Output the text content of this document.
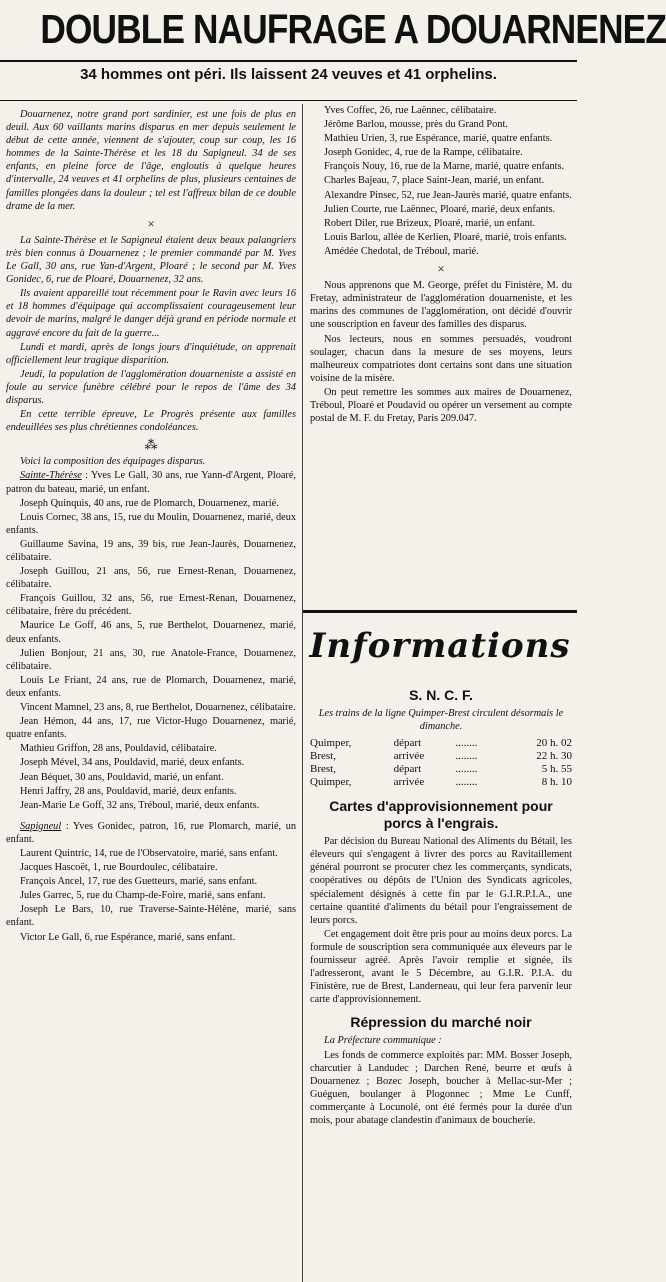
DOUBLE NAUFRAGE A DOUARNENEZ
34 hommes ont péri. Ils laissent 24 veuves et 41 orphelins.

Douarnenez, notre grand port sardinier, est une fois de plus en deuil. Aux 60 vaillants marins disparus en mer depuis seulement le début de cette année, viennent de s'ajouter, coup sur coup, les 16 hommes de la Sainte-Thérèse et les 18 du Sapigneul. 34 de ses enfants, en pleine force de l'âge, engloutis à quelque heures d'intervalle, 24 veuves et 41 orphelins de plus, plusieurs centaines de familles plongées dans la douleur ; tel est l'affreux bilan de ce double drame de la mer.

×

La Sainte-Thérèse et le Sapigneul étaient deux beaux palangriers très bien connus à Douarnenez ; le premier commandé par M. Yves Le Gall, 30 ans, rue Yan-d'Argent, Ploaré ; le second par M. Yves Gonidec, 6, rue de Ploaré, Douarnenez, 32 ans.

Ils avaient appareillé tout récemment pour le Ravin avec leurs 16 et 18 hommes d'équipage qui accomplissaient courageusement leur devoir de marins, malgré le danger déjà grand en période normale et aggravé encore du fait de la guerre...

Lundi et mardi, après de longs jours d'inquiétude, on apprenait officiellement leur tragique disparition.

Jeudi, la population de l'agglomération douarneniste a assisté en foule au service funèbre célébré pour le repos de l'âme des 34 disparus.

En cette terrible épreuve, Le Progrès présente aux familles endeuillées ses plus chrétiennes condoléances.

⁂

Voici la composition des équipages disparus.

Sainte-Thérèse : Yves Le Gall, 30 ans, rue Yann-d'Argent, Ploaré, patron du bateau, marié, un enfant.

Joseph Quinquis, 40 ans, rue de Plomarch, Douarnenez, marié.

Louis Cornec, 38 ans, 15, rue du Moulin, Douarnenez, marié, deux enfants.

Guillaume Savina, 19 ans, 39 bis, rue Jean-Jaurès, Douarnenez, célibataire.

Joseph Guillou, 21 ans, 56, rue Ernest-Renan, Douarnenez, célibataire.

François Guillou, 32 ans, 56, rue Ernest-Renan, Douarnenez, célibataire, frère du précédent.

Maurice Le Goff, 46 ans, 5, rue Berthelot, Douarnenez, marié, deux enfants.

Julien Bonjour, 21 ans, 30, rue Anatole-France, Douarnenez, célibataire.

Louis Le Friant, 24 ans, rue de Plomarch, Douarnenez, marié, deux enfants.

Vincent Mamnel, 23 ans, 8, rue Berthelot, Douarnenez, célibataire.

Jean Hémon, 44 ans, 17, rue Victor-Hugo Douarnenez, marié, quatre enfants.

Mathieu Griffon, 28 ans, Pouldavid, célibataire.

Joseph Mével, 34 ans, Pouldavid, marié, deux enfants.

Jean Béquet, 30 ans, Pouldavid, marié, un enfant.

Henri Jaffry, 28 ans, Pouldavid, marié, deux enfants.

Jean-Marie Le Goff, 32 ans, Tréboul, marié, deux enfants.

Sapigneul : Yves Gonidec, patron, 16, rue Plomarch, marié, un enfant.

Laurent Quintric, 14, rue de l'Observatoire, marié, sans enfant.

Jacques Hascoët, 1, rue Bourdoulec, célibataire.

François Ancel, 17, rue des Guetteurs, marié, sans enfant.

Jules Garrec, 5, rue du Champ-de-Foire, marié, sans enfant.

Joseph Le Bars, 10, rue Traverse-Sainte-Hélène, marié, sans enfant.

Victor Le Gall, 6, rue Espérance, marié, sans enfant.

Yves Coffec, 26, rue Laënnec, célibataire.

Jérôme Barlou, mousse, près du Grand Pont.

Mathieu Urien, 3, rue Espérance, marié, quatre enfants.

Joseph Gonidec, 4, rue de la Rampe, célibataire.

François Nouy, 16, rue de la Marne, marié, quatre enfants.

Charles Bajeau, 7, place Saint-Jean, marié, un enfant.

Alexandre Pinsec, 52, rue Jean-Jaurès marié, quatre enfants.

Julien Courte, rue Laënnec, Ploaré, marié, deux enfants.

Robert Diler, rue Brizeux, Ploaré, marié, un enfant.

Louis Barlou, allée de Kerlien, Ploaré, marié, trois enfants.

Amédée Chedotal, de Tréboul, marié.

×

Nous apprenons que M. George, préfet du Finistère, M. du Fretay, administrateur de l'agglomération douarneniste, et les marins des communes de l'agglomération, ont décidé d'ouvrir une souscription en faveur des familles des disparus.

Nos lecteurs, nous en sommes persuadés, voudront soulager, chacun dans la mesure de ses moyens, leurs malheureux compatriotes dont certains sont dans une situation voisine de la misère.

On peut remettre les sommes aux maires de Douarnenez, Tréboul, Ploaré et Poudavid ou opérer un versement au compte postal de M. F. du Fretay, Paris 209.047.

Informations
S. N. C. F.
Les trains de la ligne Quimper-Brest circulent désormais le dimanche.
Quimper,	départ	........	20 h. 02
Brest,	arrivée	........	22 h. 30
Brest,	départ	........	5 h. 55
Quimper,	arrivée	........	8 h. 10
Cartes d'approvisionnement pour porcs à l'engrais.

Par décision du Bureau National des Aliments du Bétail, les éleveurs qui s'engagent à livrer des porcs au Ravitaillement général pourront se procurer chez les commerçants, syndicats, coopératives ou dépôts de l'Union des Syndicats agricoles, spécialement désignés à cette fin par le G.I.R.P.I.A., une certaine quantité d'aliments du bétail pour l'engraissement de leurs porcs.

Cet engagement doit être pris pour au moins deux porcs. La formule de souscription sera communiquée aux éleveurs par le fournisseur agréé. Après l'avoir remplie et signée, ils l'adresseront, avant le 5 Décembre, au G.I.R. P.I.A. du Finistère, rue de Brest, Landerneau, qui leur fera parvenir leur carte d'approvisionnement.

Répression du marché noir

La Préfecture communique :

Les fonds de commerce exploités par: MM. Bosser Joseph, charcutier à Landudec ; Darchen René, beurre et œufs à Douarnenez ; Bozec Joseph, boucher à Mellac-sur-Mer ; Guéguen, boulanger à Plogonnec ; Mme Le Cunff, commerçante à Locunolé, ont été fermés pour la durée d'un mois, pour abatage clandestin d'animaux de boucherie.
